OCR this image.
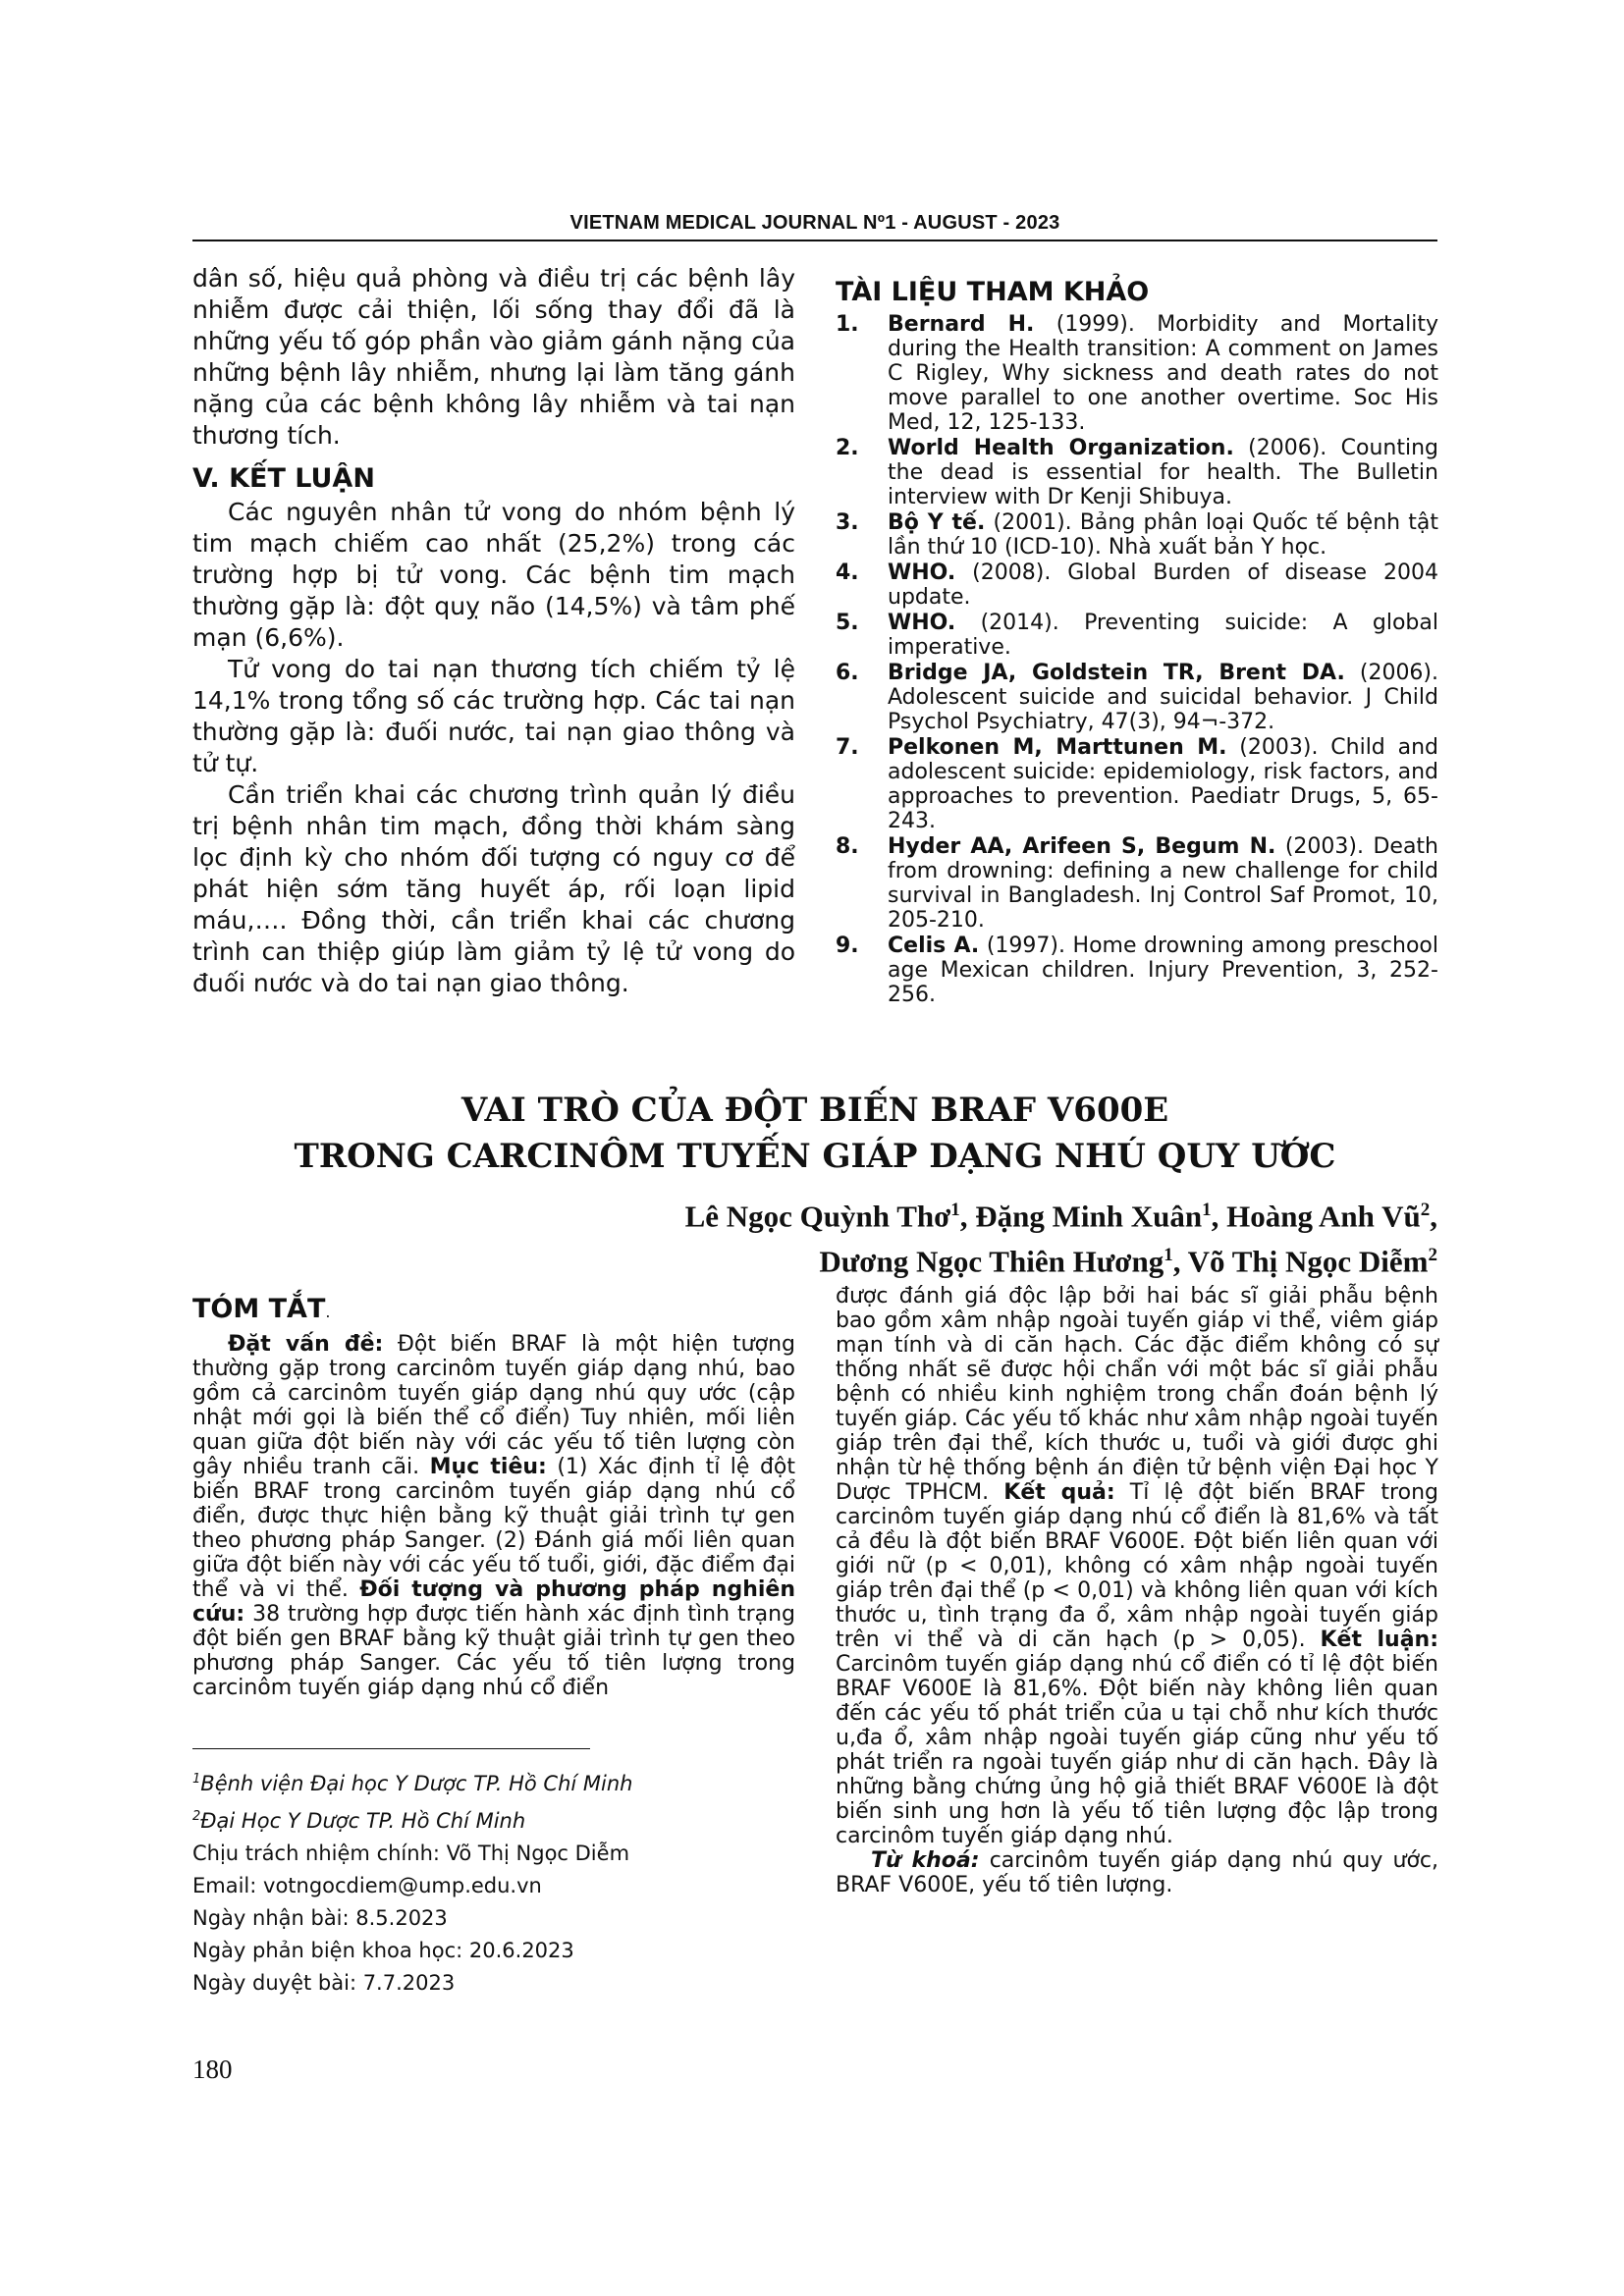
VIETNAM MEDICAL JOURNAL Nº1 - AUGUST - 2023

dân số, hiệu quả phòng và điều trị các bệnh lây nhiễm được cải thiện, lối sống thay đổi đã là những yếu tố góp phần vào giảm gánh nặng của những bệnh lây nhiễm, nhưng lại làm tăng gánh nặng của các bệnh không lây nhiễm và tai nạn thương tích.

V. KẾT LUẬN

Các nguyên nhân tử vong do nhóm bệnh lý tim mạch chiếm cao nhất (25,2%) trong các trường hợp bị tử vong. Các bệnh tim mạch thường gặp là: đột quỵ não (14,5%) và tâm phế mạn (6,6%).

Tử vong do tai nạn thương tích chiếm tỷ lệ 14,1% trong tổng số các trường hợp. Các tai nạn thường gặp là: đuối nước, tai nạn giao thông và tử tự.

Cần triển khai các chương trình quản lý điều trị bệnh nhân tim mạch, đồng thời khám sàng lọc định kỳ cho nhóm đối tượng có nguy cơ để phát hiện sớm tăng huyết áp, rối loạn lipid máu,…. Đồng thời, cần triển khai các chương trình can thiệp giúp làm giảm tỷ lệ tử vong do đuối nước và do tai nạn giao thông.

TÀI LIỆU THAM KHẢO

1. Bernard H. (1999). Morbidity and Mortality during the Health transition: A comment on James C Rigley, Why sickness and death rates do not move parallel to one another overtime. Soc His Med, 12, 125-133.
2. World Health Organization. (2006). Counting the dead is essential for health. The Bulletin interview with Dr Kenji Shibuya.
3. Bộ Y tế. (2001). Bảng phân loại Quốc tế bệnh tật lần thứ 10 (ICD-10). Nhà xuất bản Y học.
4. WHO. (2008). Global Burden of disease 2004 update.
5. WHO. (2014). Preventing suicide: A global imperative.
6. Bridge JA, Goldstein TR, Brent DA. (2006). Adolescent suicide and suicidal behavior. J Child Psychol Psychiatry, 47(3), 94¬-372.
7. Pelkonen M, Marttunen M. (2003). Child and adolescent suicide: epidemiology, risk factors, and approaches to prevention. Paediatr Drugs, 5, 65-243.
8. Hyder AA, Arifeen S, Begum N. (2003). Death from drowning: defining a new challenge for child survival in Bangladesh. Inj Control Saf Promot, 10, 205-210.
9. Celis A. (1997). Home drowning among preschool age Mexican children. Injury Prevention, 3, 252-256.
VAI TRÒ CỦA ĐỘT BIẾN BRAF V600E
TRONG CARCINÔM TUYẾN GIÁP DẠNG NHÚ QUY ƯỚC
Lê Ngọc Quỳnh Thơ$^1$, Đặng Minh Xuân$^1$, Hoàng Anh $Vũ^2$,
Dương Ngọc Thiên Hương$^1$, Võ Thị Ngọc Diễm$^2$

TÓM TẮT.

Đặt vấn đề: Đột biến BRAF là một hiện tượng thường gặp trong carcinôm tuyến giáp dạng nhú, bao gồm cả carcinôm tuyến giáp dạng nhú quy ước (cập nhật mới gọi là biến thể cổ điển) Tuy nhiên, mối liên quan giữa đột biến này với các yếu tố tiên lượng còn gây nhiều tranh cãi. Mục tiêu: (1) Xác định tỉ lệ đột biến BRAF trong carcinôm tuyến giáp dạng nhú cổ điển, được thực hiện bằng kỹ thuật giải trình tự gen theo phương pháp Sanger. (2) Đánh giá mối liên quan giữa đột biến này với các yếu tố tuổi, giới, đặc điểm đại thể và vi thể. Đối tượng và phương pháp nghiên cứu: 38 trường hợp được tiến hành xác định tình trạng đột biến gen BRAF bằng kỹ thuật giải trình tự gen theo phương pháp Sanger. Các yếu tố tiên lượng trong carcinôm tuyến giáp dạng nhú cổ điển

được đánh giá độc lập bởi hai bác sĩ giải phẫu bệnh bao gồm xâm nhập ngoài tuyến giáp vi thể, viêm giáp mạn tính và di căn hạch. Các đặc điểm không có sự thống nhất sẽ được hội chẩn với một bác sĩ giải phẫu bệnh có nhiều kinh nghiệm trong chẩn đoán bệnh lý tuyến giáp. Các yếu tố khác như xâm nhập ngoài tuyến giáp trên đại thể, kích thước u, tuổi và giới được ghi nhận từ hệ thống bệnh án điện tử bệnh viện Đại học Y Dược TPHCM. Kết quả: Tỉ lệ đột biến BRAF trong carcinôm tuyến giáp dạng nhú cổ điển là 81,6% và tất cả đều là đột biến BRAF V600E. Đột biến liên quan với giới nữ (p < 0,01), không có xâm nhập ngoài tuyến giáp trên đại thể (p < 0,01) và không liên quan với kích thước u, tình trạng đa ổ, xâm nhập ngoài tuyến giáp trên vi thể và di căn hạch (p > 0,05). Kết luận: Carcinôm tuyến giáp dạng nhú cổ điển có tỉ lệ đột biến BRAF V600E là 81,6%. Đột biến này không liên quan đến các yếu tố phát triển của u tại chỗ như kích thước u,đa ổ, xâm nhập ngoài tuyến giáp cũng như yếu tố phát triển ra ngoài tuyến giáp như di căn hạch. Đây là những bằng chứng ủng hộ giả thiết BRAF V600E là đột biến sinh ung hơn là yếu tố tiên lượng độc lập trong carcinôm tuyến giáp dạng nhú.

Từ khoá: carcinôm tuyến giáp dạng nhú quy ước, BRAF V600E, yếu tố tiên lượng.

$^1$Bệnh viện Đại học Y Dược TP. Hồ Chí Minh
$^2$Đại Học Y Dược TP. Hồ Chí Minh
Chịu trách nhiệm chính: Võ Thị Ngọc Diễm
Email: votngocdiem@ump.edu.vn
Ngày nhận bài: 8.5.2023
Ngày phản biện khoa học: 20.6.2023
Ngày duyệt bài: 7.7.2023
180
